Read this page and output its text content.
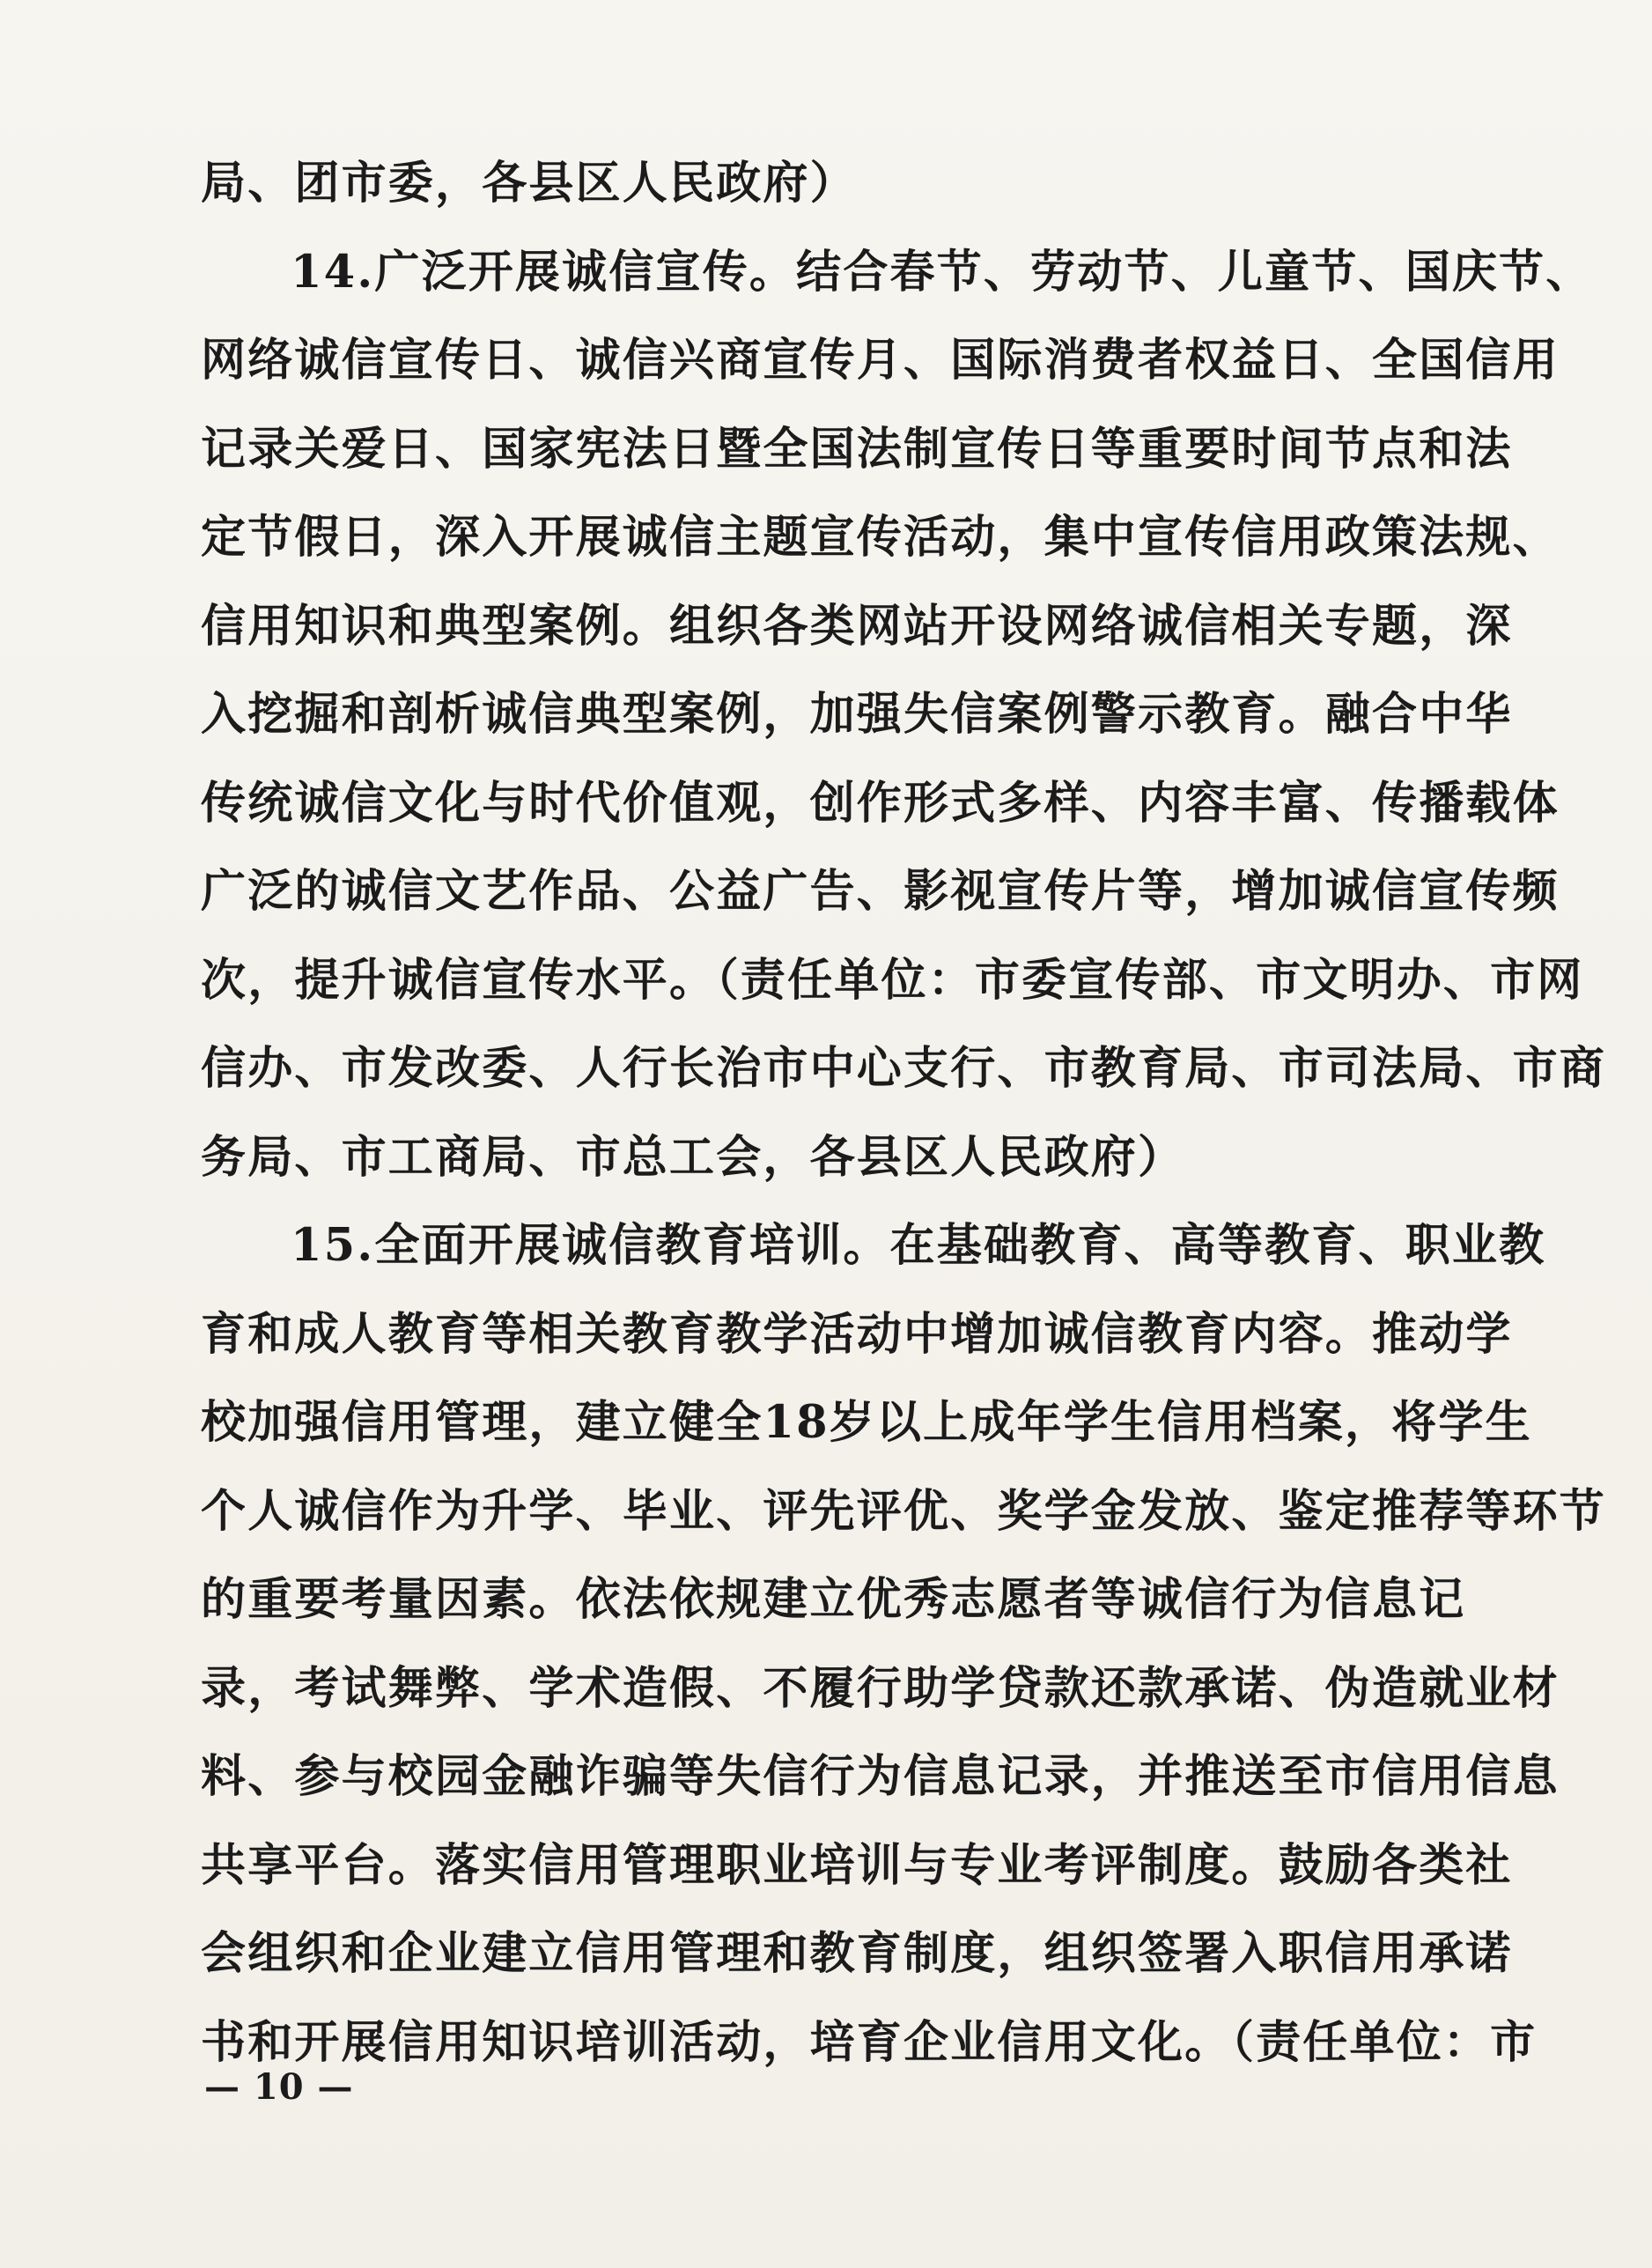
局、团市委，各县区人民政府）
14.广泛开展诚信宣传。结合春节、劳动节、儿童节、国庆节、
网络诚信宣传日、诚信兴商宣传月、国际消费者权益日、全国信用
记录关爱日、国家宪法日暨全国法制宣传日等重要时间节点和法
定节假日，深入开展诚信主题宣传活动，集中宣传信用政策法规、
信用知识和典型案例。组织各类网站开设网络诚信相关专题，深
入挖掘和剖析诚信典型案例，加强失信案例警示教育。融合中华
传统诚信文化与时代价值观，创作形式多样、内容丰富、传播载体
广泛的诚信文艺作品、公益广告、影视宣传片等，增加诚信宣传频
次，提升诚信宣传水平。（责任单位：市委宣传部、市文明办、市网
信办、市发改委、人行长治市中心支行、市教育局、市司法局、市商
务局、市工商局、市总工会，各县区人民政府）
15.全面开展诚信教育培训。在基础教育、高等教育、职业教
育和成人教育等相关教育教学活动中增加诚信教育内容。推动学
校加强信用管理，建立健全18岁以上成年学生信用档案，将学生
个人诚信作为升学、毕业、评先评优、奖学金发放、鉴定推荐等环节
的重要考量因素。依法依规建立优秀志愿者等诚信行为信息记
录，考试舞弊、学术造假、不履行助学贷款还款承诺、伪造就业材
料、参与校园金融诈骗等失信行为信息记录，并推送至市信用信息
共享平台。落实信用管理职业培训与专业考评制度。鼓励各类社
会组织和企业建立信用管理和教育制度，组织签署入职信用承诺
书和开展信用知识培训活动，培育企业信用文化。（责任单位：市
— 10 —
